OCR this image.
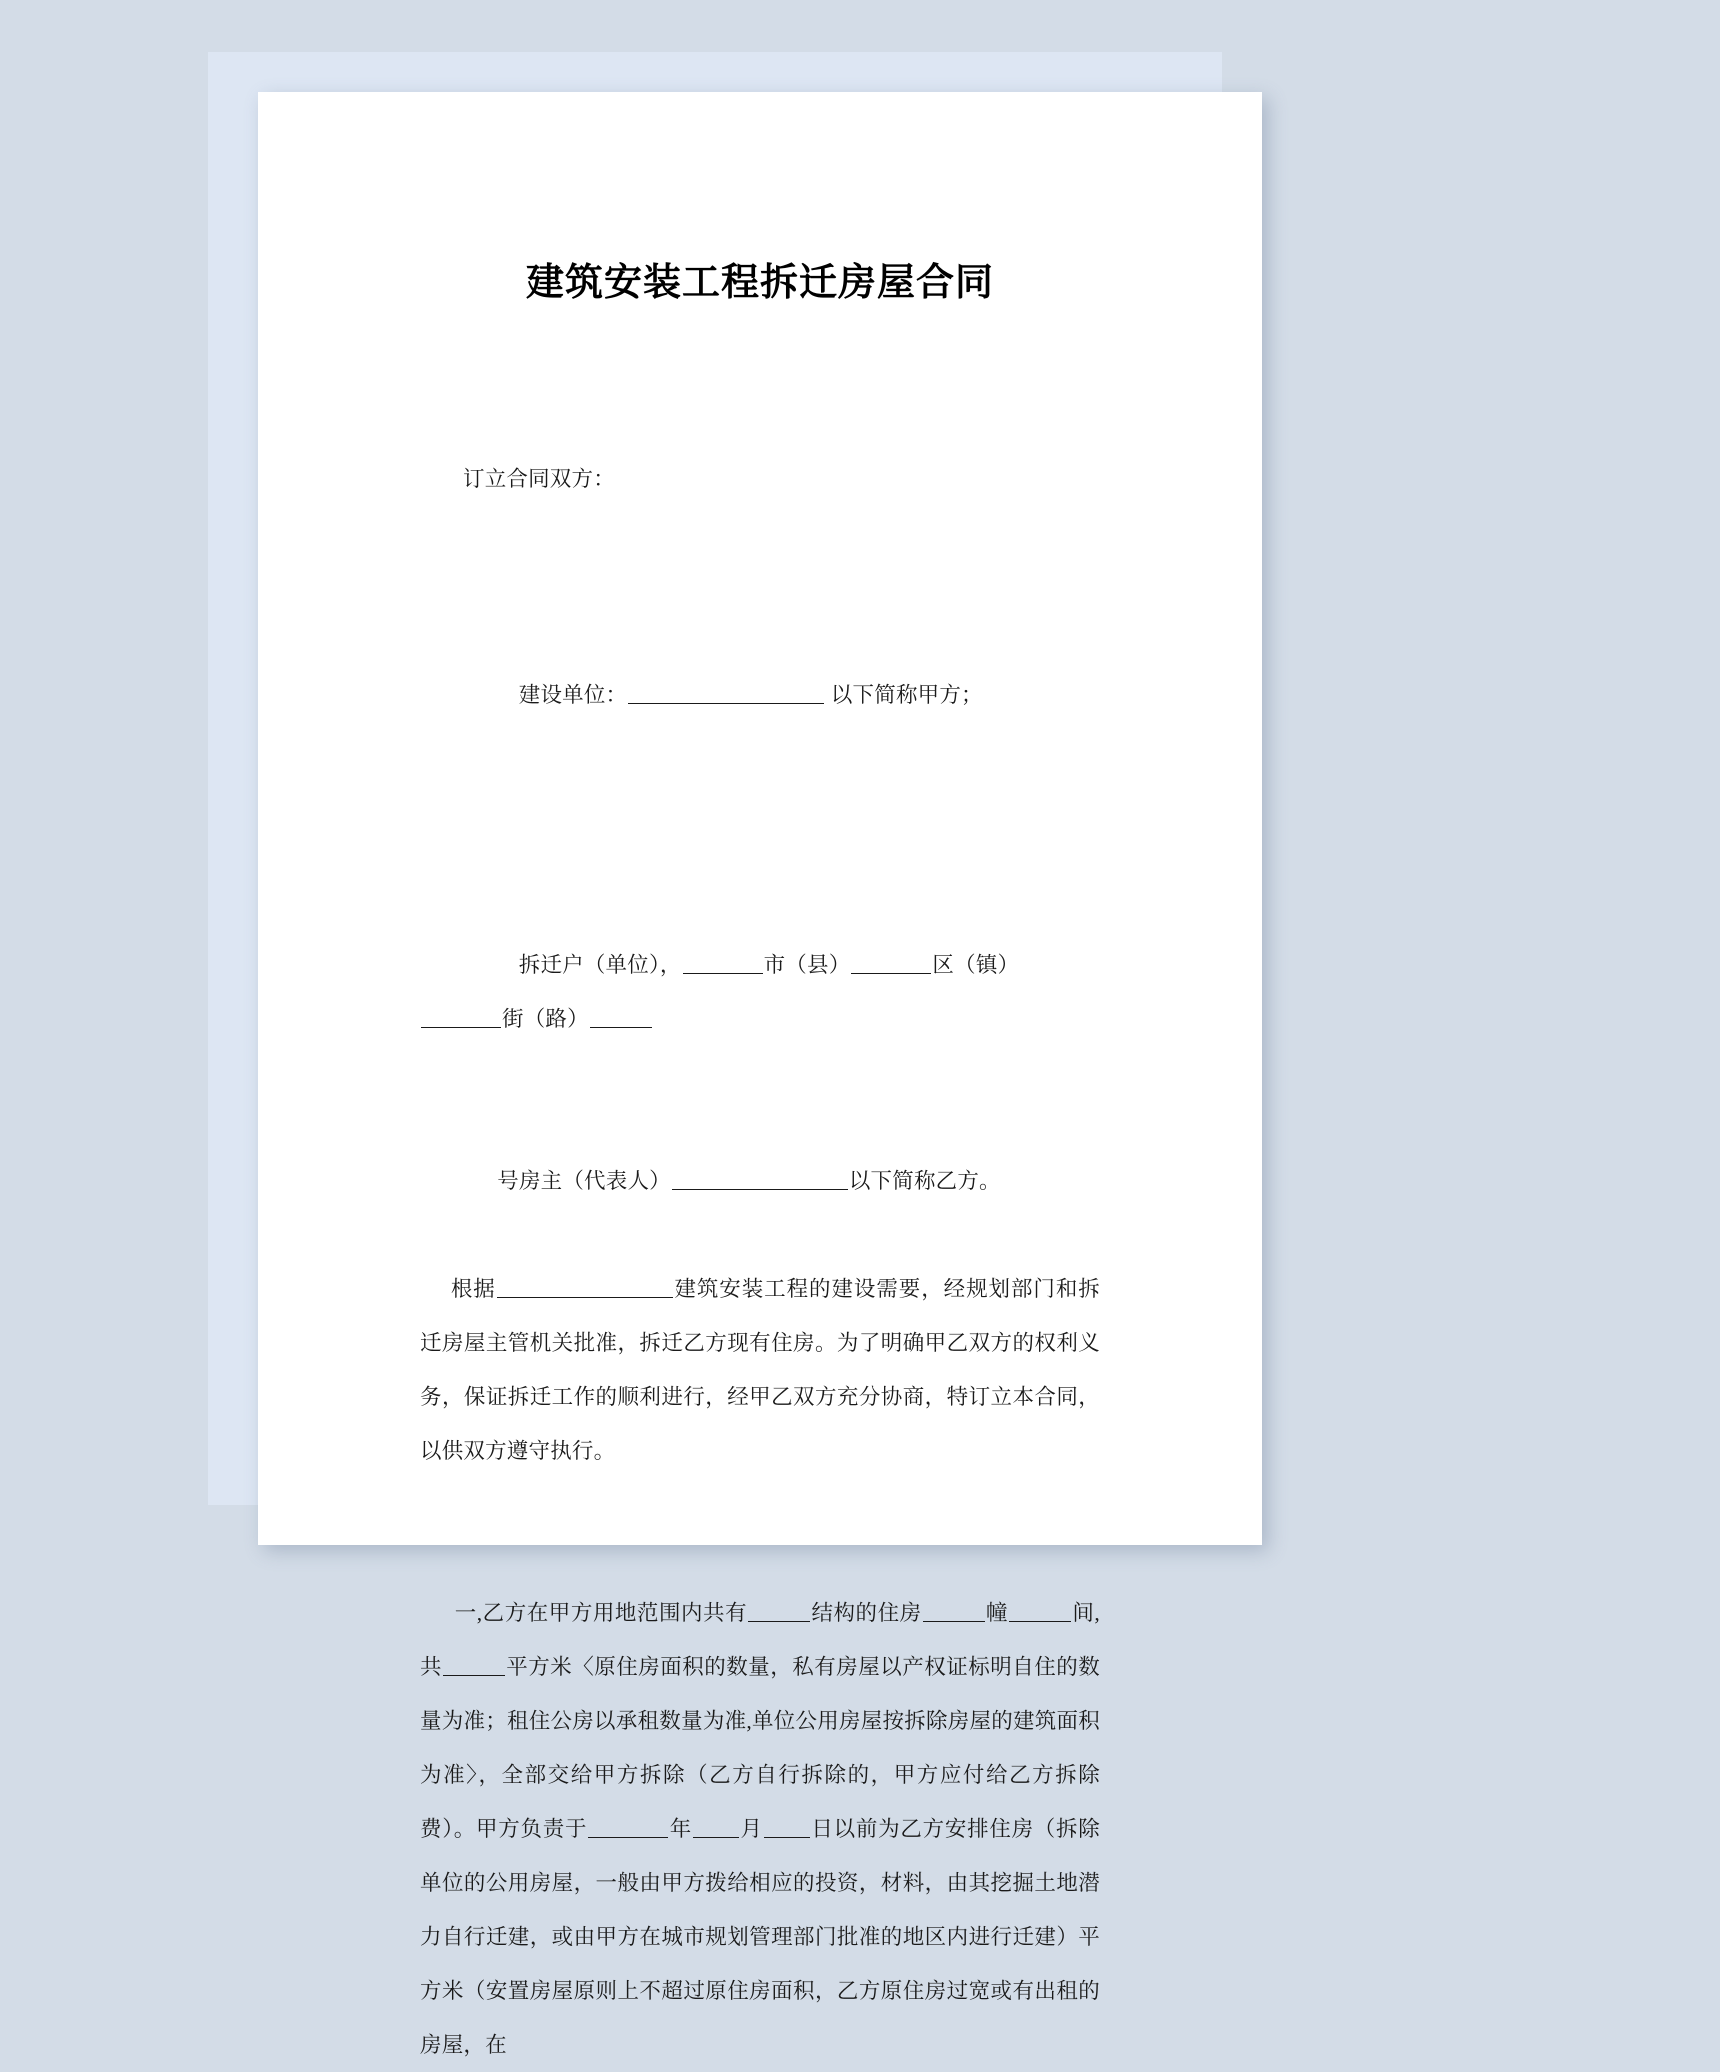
建筑安装工程拆迁房屋合同

订立合同双方：

建设单位：	以下简称甲方；

拆迁户（单位），	市（县）	区（镇）街（路）

号房主（代表人）	以下简称乙方。

根据	建筑安装工程的建设需要，经规划部门和拆迁房屋主管机关批准，拆迁乙方现有住房。为了明确甲乙双方的权利义务，保证拆迁工作的顺利进行，经甲乙双方充分协商，特订立本合同，以供双方遵守执行。

一,乙方在甲方用地范围内共有	结构的住房	幢	间,共	平方米〈原住房面积的数量，私有房屋以产权证标明自住的数量为准；租住公房以承租数量为准,单位公用房屋按拆除房屋的建筑面积为准〉，全部交给甲方拆除（乙方自行拆除的，甲方应付给乙方拆除费）。甲方负责于	年 月 日以前为乙方安排住房（拆除单位的公用房屋，一般由甲方拨给相应的投资，材料，由其挖掘土地潜力自行迁建，或由甲方在城市规划管理部门批准的地区内进行迁建）平方米（安置房屋原则上不超过原住房面积，乙方原住房过宽或有出租的房屋，在
